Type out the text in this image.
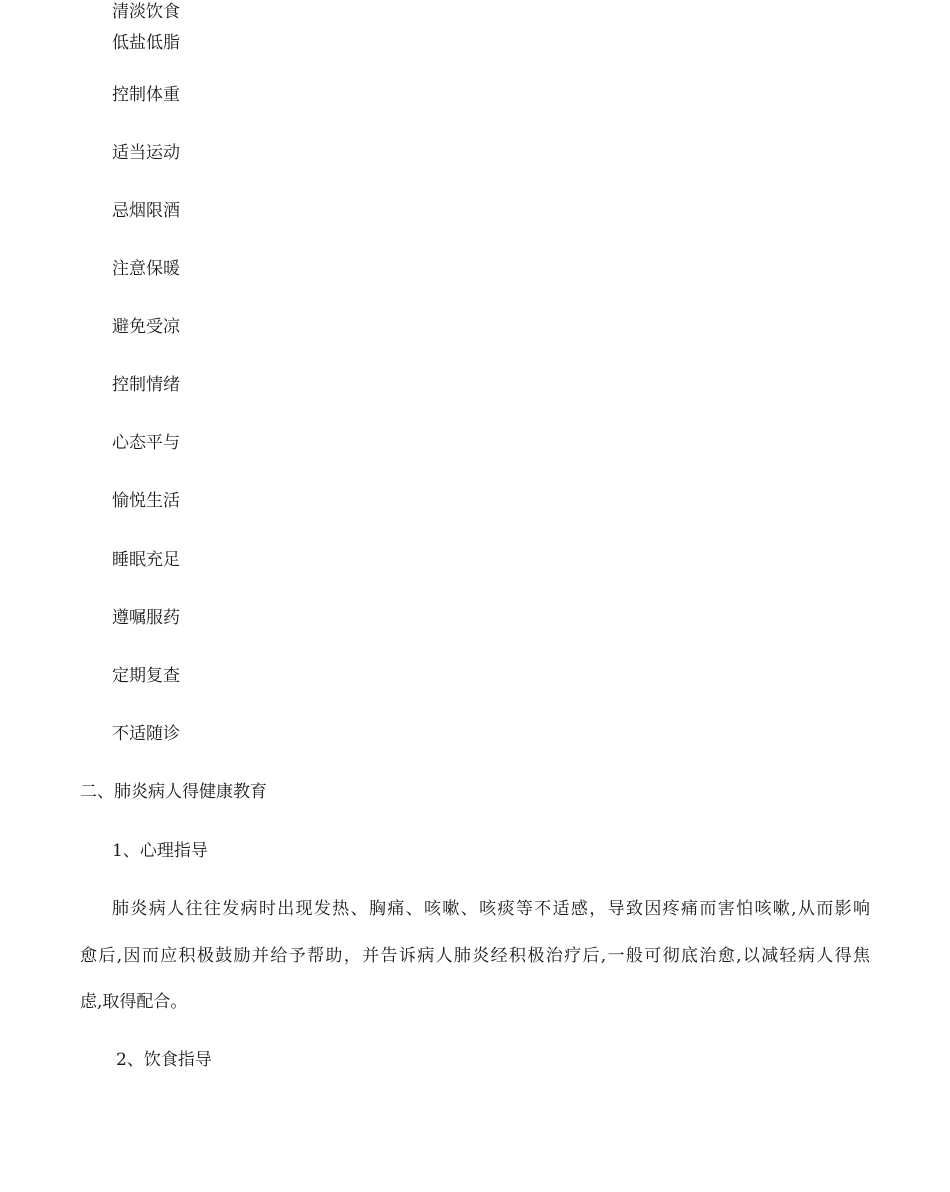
清淡饮食

低盐低脂

控制体重

适当运动

忌烟限酒

注意保暖

避免受凉

控制情绪

心态平与

愉悦生活

睡眠充足

遵嘱服药

定期复查

不适随诊

二、肺炎病人得健康教育

1、心理指导

肺炎病人往往发病时出现发热、胸痛、咳嗽、咳痰等不适感，导致因疼痛而害怕咳嗽,从而影响

愈后,因而应积极鼓励并给予帮助，并告诉病人肺炎经积极治疗后,一般可彻底治愈,以减轻病人得焦

虑,取得配合。

2、饮食指导
